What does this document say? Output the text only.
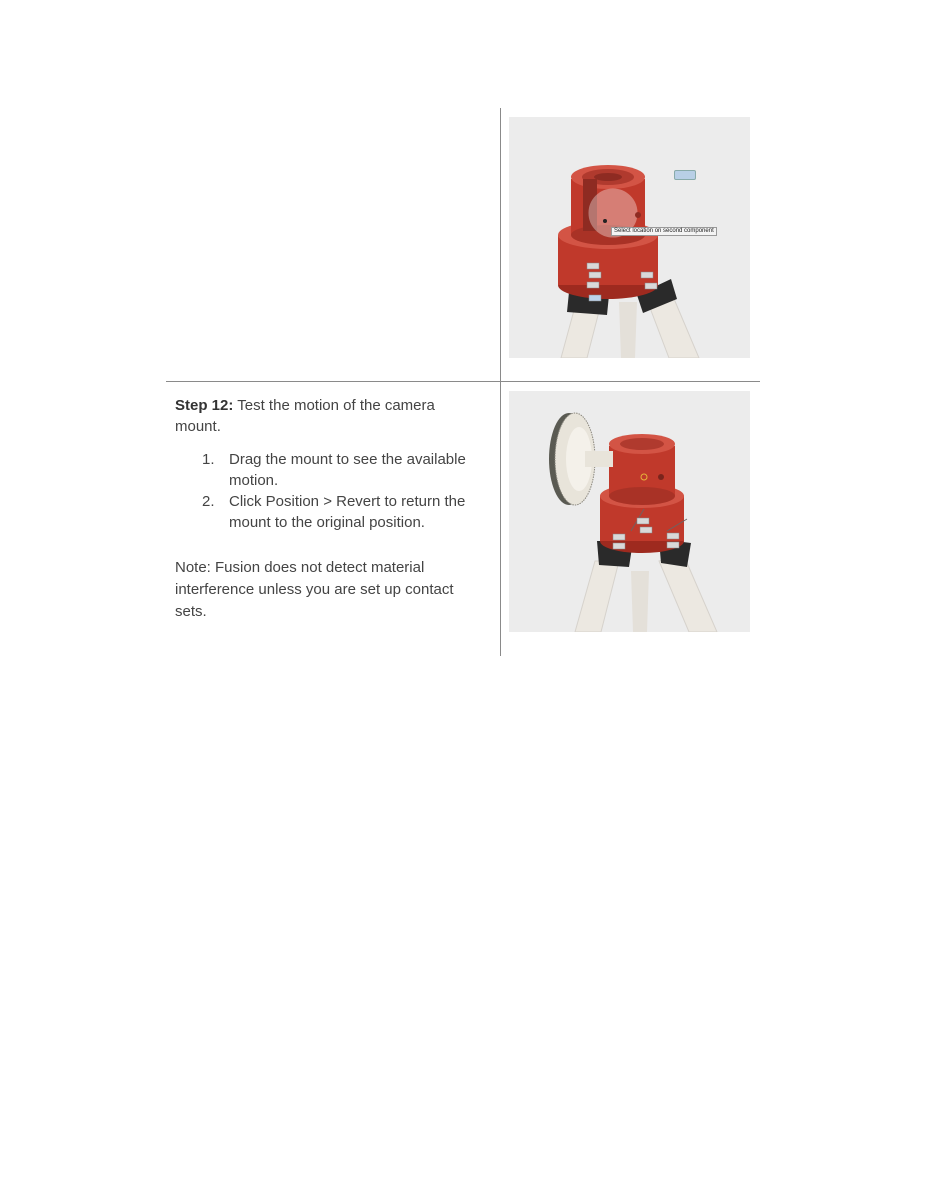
Select location on second component

Step 12: Test the motion of the camera mount.

1. Drag the mount to see the available motion.
2. Click Position > Revert to return the mount to the original position.

Note: Fusion does not detect material interference unless you are set up contact sets.
